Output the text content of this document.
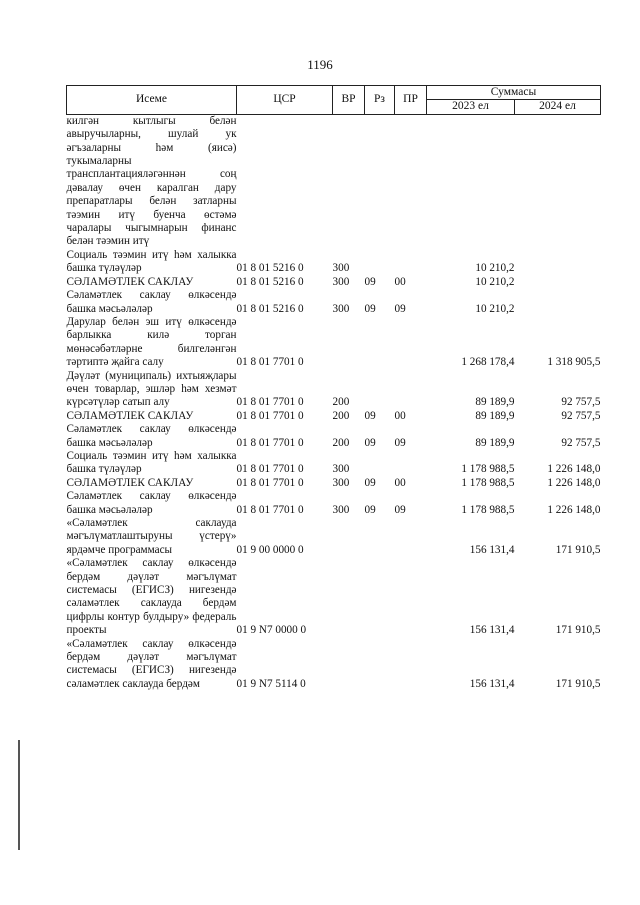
1196
Исеме	ЦСР	ВР	Рз	ПР	Суммасы	
					2023 ел	2024 ел
килгән кытлыгы белән авыручыларны, шулай ук әгъзаларны һәм (яисә) тукымаларны трансплантацияләгәннән соң дәвалау өчен каралган дару препаратлары белән затларны тәэмин итү буенча өстәмә чаралары чыгымнарын финанс белән тәэмин итү						
Социаль тәэмин итү һәм халыкка башка түләүләр	01 8 01 5216 0	300			10 210,2	
СӘЛАМӘТЛЕК САКЛАУ	01 8 01 5216 0	300	09	00	10 210,2	
Сәламәтлек саклау өлкәсендә башка мәсьәләләр	01 8 01 5216 0	300	09	09	10 210,2	
Дарулар белән эш итү өлкәсендә барлыкка килә торган мөнәсәбәтләрне билгеләнгән тәртиптә җайга салу	01 8 01 7701 0				1 268 178,4	1 318 905,5
Дәүләт (муниципаль) ихтыяҗлары өчен товарлар, эшләр һәм хезмәт күрсәтүләр сатып алу	01 8 01 7701 0	200			89 189,9	92 757,5
СӘЛАМӘТЛЕК САКЛАУ	01 8 01 7701 0	200	09	00	89 189,9	92 757,5
Сәламәтлек саклау өлкәсендә башка мәсьәләләр	01 8 01 7701 0	200	09	09	89 189,9	92 757,5
Социаль тәэмин итү һәм халыкка башка түләүләр	01 8 01 7701 0	300			1 178 988,5	1 226 148,0
СӘЛАМӘТЛЕК САКЛАУ	01 8 01 7701 0	300	09	00	1 178 988,5	1 226 148,0
Сәламәтлек саклау өлкәсендә башка мәсьәләләр	01 8 01 7701 0	300	09	09	1 178 988,5	1 226 148,0
«Сәламәтлек саклауда мәгълүматлаштыруны үстерү» ярдәмче программасы	01 9 00 0000 0				156 131,4	171 910,5
«Сәламәтлек саклау өлкәсендә бердәм дәүләт мәгълүмат системасы (ЕГИСЗ) нигезендә сәламәтлек саклауда бердәм цифрлы контур булдыру» федераль проекты	01 9 N7 0000 0				156 131,4	171 910,5
«Сәламәтлек саклау өлкәсендә бердәм дәүләт мәгълүмат системасы (ЕГИСЗ) нигезендә сәламәтлек саклауда бердәм	01 9 N7 5114 0				156 131,4	171 910,5
